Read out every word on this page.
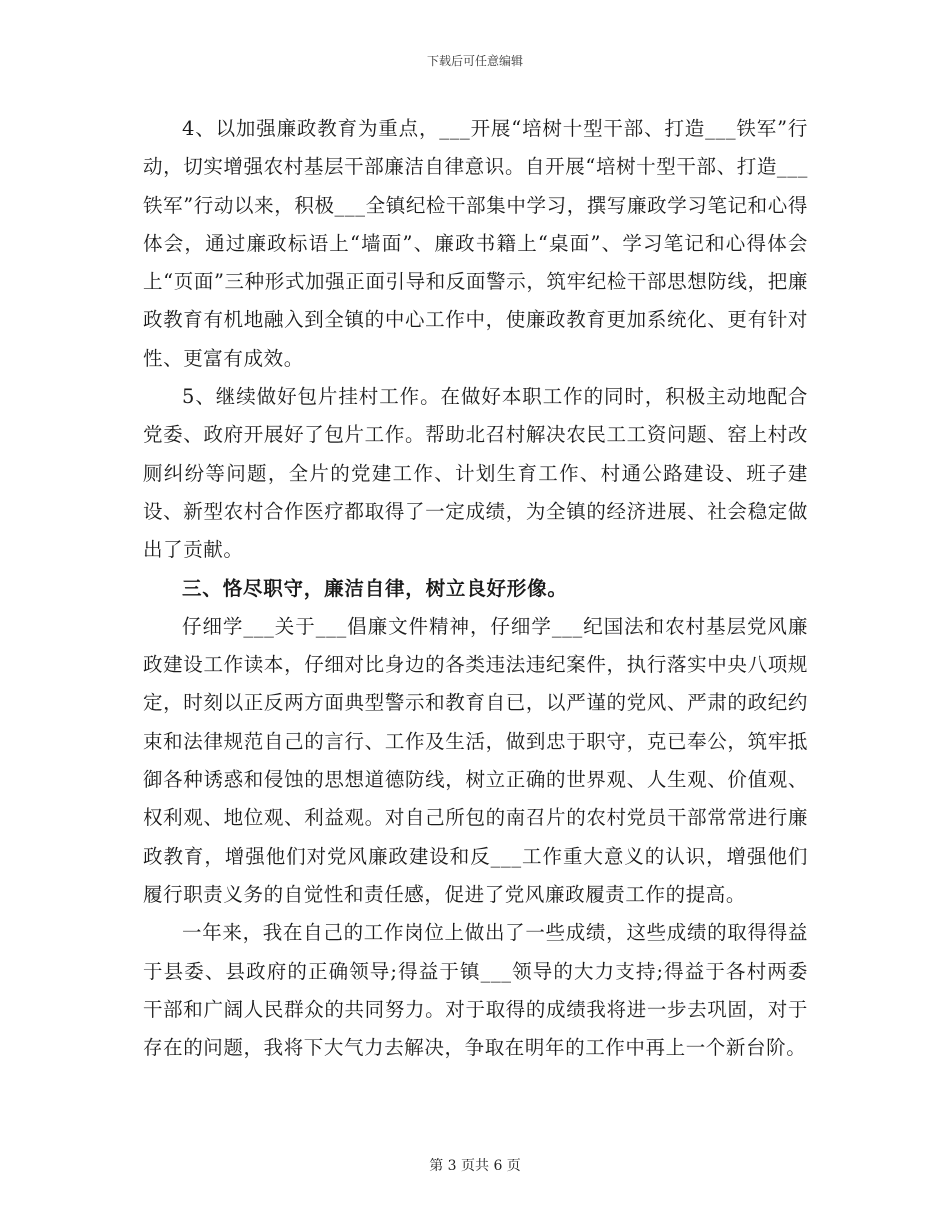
下载后可任意编辑

4、以加强廉政教育为重点，___开展“培树十型干部、打造___铁军”行动，切实增强农村基层干部廉洁自律意识。自开展“培树十型干部、打造___铁军”行动以来，积极___全镇纪检干部集中学习，撰写廉政学习笔记和心得体会，通过廉政标语上“墙面”、廉政书籍上“桌面”、学习笔记和心得体会上“页面”三种形式加强正面引导和反面警示，筑牢纪检干部思想防线，把廉政教育有机地融入到全镇的中心工作中，使廉政教育更加系统化、更有针对性、更富有成效。

5、继续做好包片挂村工作。在做好本职工作的同时，积极主动地配合党委、政府开展好了包片工作。帮助北召村解决农民工工资问题、窑上村改厕纠纷等问题，全片的党建工作、计划生育工作、村通公路建设、班子建设、新型农村合作医疗都取得了一定成绩，为全镇的经济进展、社会稳定做出了贡献。

三、恪尽职守，廉洁自律，树立良好形像。

仔细学___关于___倡廉文件精神，仔细学___纪国法和农村基层党风廉政建设工作读本，仔细对比身边的各类违法违纪案件，执行落实中央八项规定，时刻以正反两方面典型警示和教育自已，以严谨的党风、严肃的政纪约束和法律规范自己的言行、工作及生活，做到忠于职守，克已奉公，筑牢抵御各种诱惑和侵蚀的思想道德防线，树立正确的世界观、人生观、价值观、权利观、地位观、利益观。对自己所包的南召片的农村党员干部常常进行廉政教育，增强他们对党风廉政建设和反___工作重大意义的认识，增强他们履行职责义务的自觉性和责任感，促进了党风廉政履责工作的提高。

一年来，我在自己的工作岗位上做出了一些成绩，这些成绩的取得得益于县委、县政府的正确领导;得益于镇___领导的大力支持;得益于各村两委干部和广阔人民群众的共同努力。对于取得的成绩我将进一步去巩固，对于存在的问题，我将下大气力去解决，争取在明年的工作中再上一个新台阶。

第 3 页共 6 页
